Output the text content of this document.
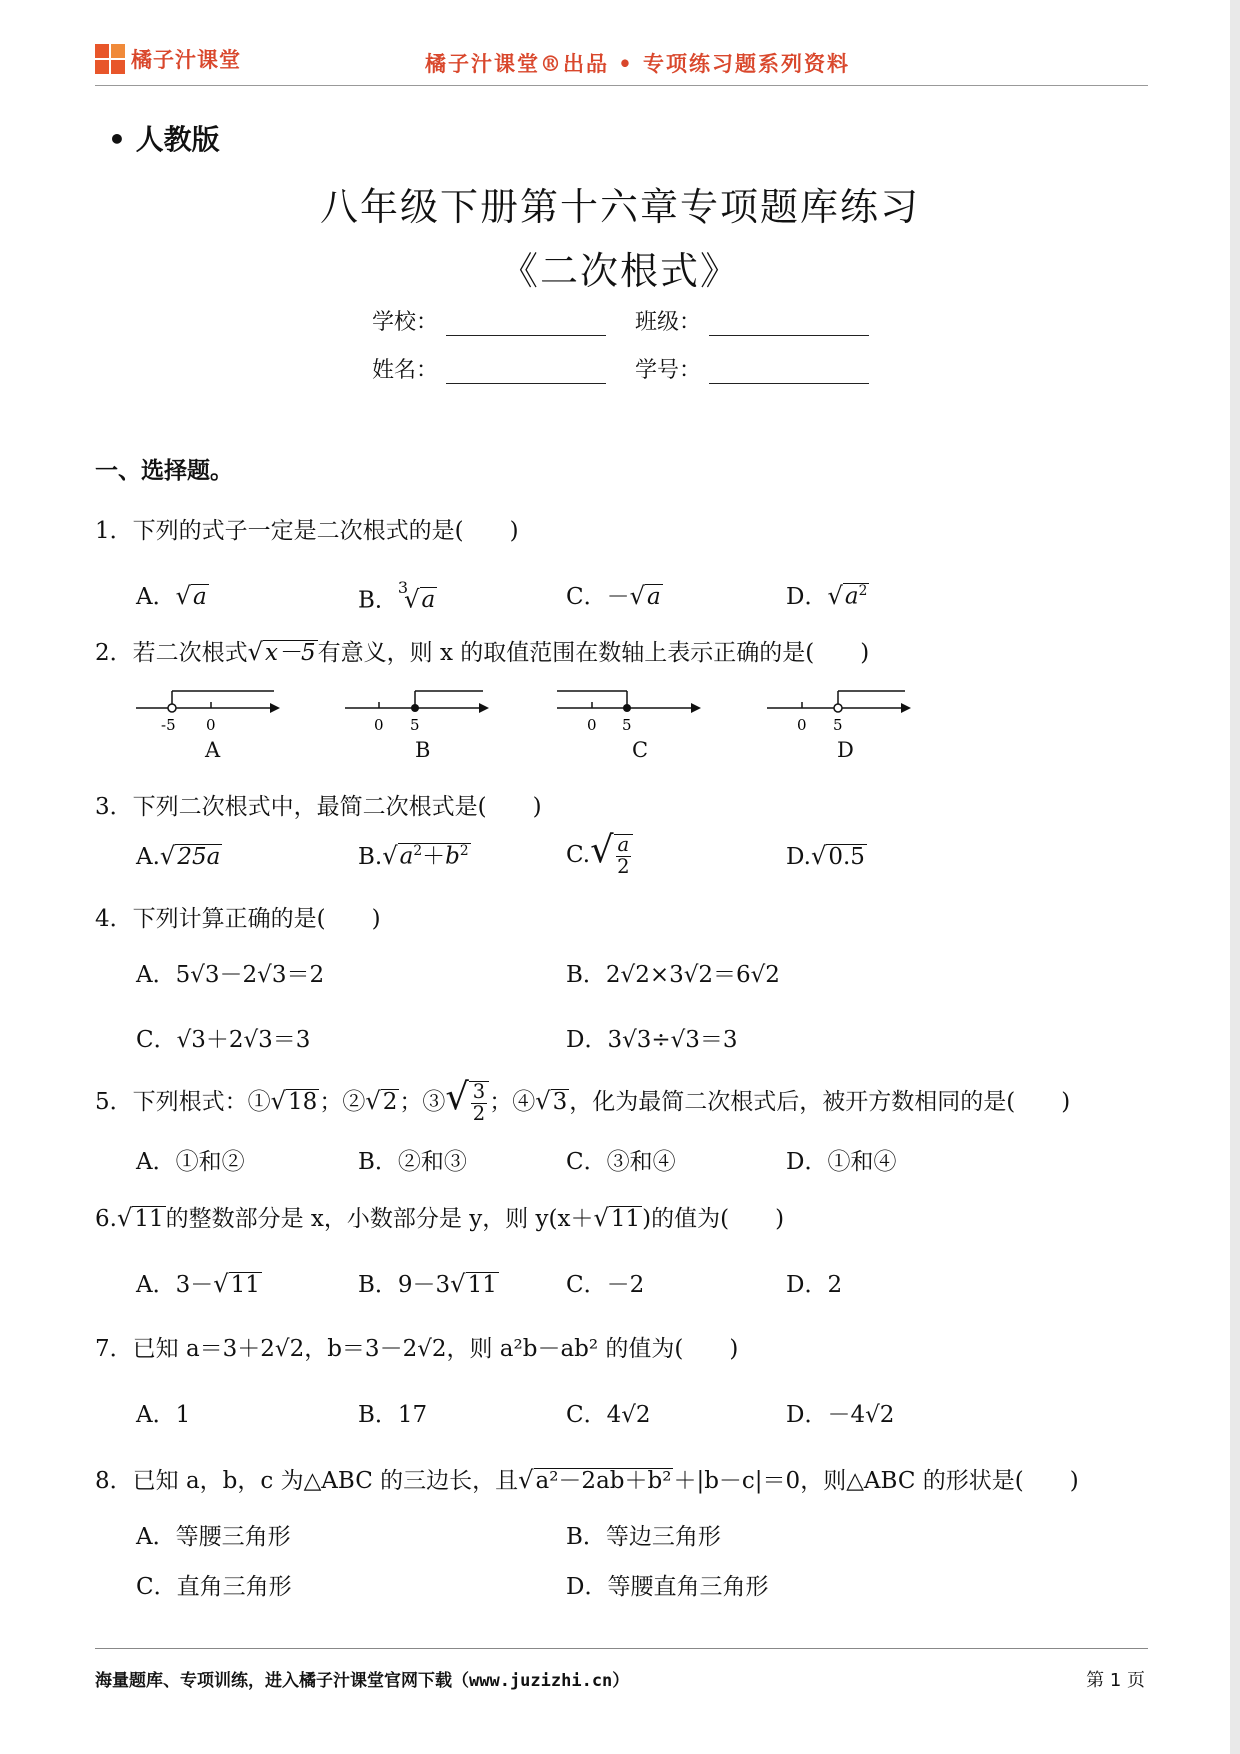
橘子汁课堂	橘子汁课堂®出品 • 专项练习题系列资料
• 人教版
八年级下册第十六章专项题库练习
《二次根式》
学校：	班级：
姓名：	学号：
一、选择题。
1．下列的式子一定是二次根式的是(　　)
A．√a	B．$^3$√a	C．－√a	D．$√a^2$
2．若二次根式√x－5有意义，则 x 的取值范围在数轴上表示正确的是(　　)
-5 0	0 5	0 5	0 5
A	B	C	D
3．下列二次根式中，最简二次根式是(　　)
A.√25a	$B.√a^2+b^2$	$C.√ \frac{a}{2}$	D.√0.5
4．下列计算正确的是(　　)
A．5√3－2√3＝2	B．2√2×3√2＝6√2
C．√3＋2√3＝3	D．3√3÷√3＝3
5．下列根式：①√18；②√2；③√ $\frac{3}{2}$ ；④√3，化为最简二次根式后，被开方数相同的是(　　)
A．①和②	B．②和③	C．③和④	D．①和④
6.√11的整数部分是 x，小数部分是 y，则 y(x＋√11)的值为(　　)
A．3－√11	B．9－3√11	C．－2	D．2
7．已知 a＝3＋2√2，b＝3－2√2，则 a²b－ab² 的值为(　　)
A．1	B．17	C．4√2	D．－4√2
8．已知 a，b，c 为△ABC 的三边长，且√a²－2ab＋b²＋|b－c|＝0，则△ABC 的形状是(　　)
A．等腰三角形	B．等边三角形
C．直角三角形	D．等腰直角三角形
海量题库、专项训练，进入橘子汁课堂官网下载（www.juzizhi.cn）	第 1 页
